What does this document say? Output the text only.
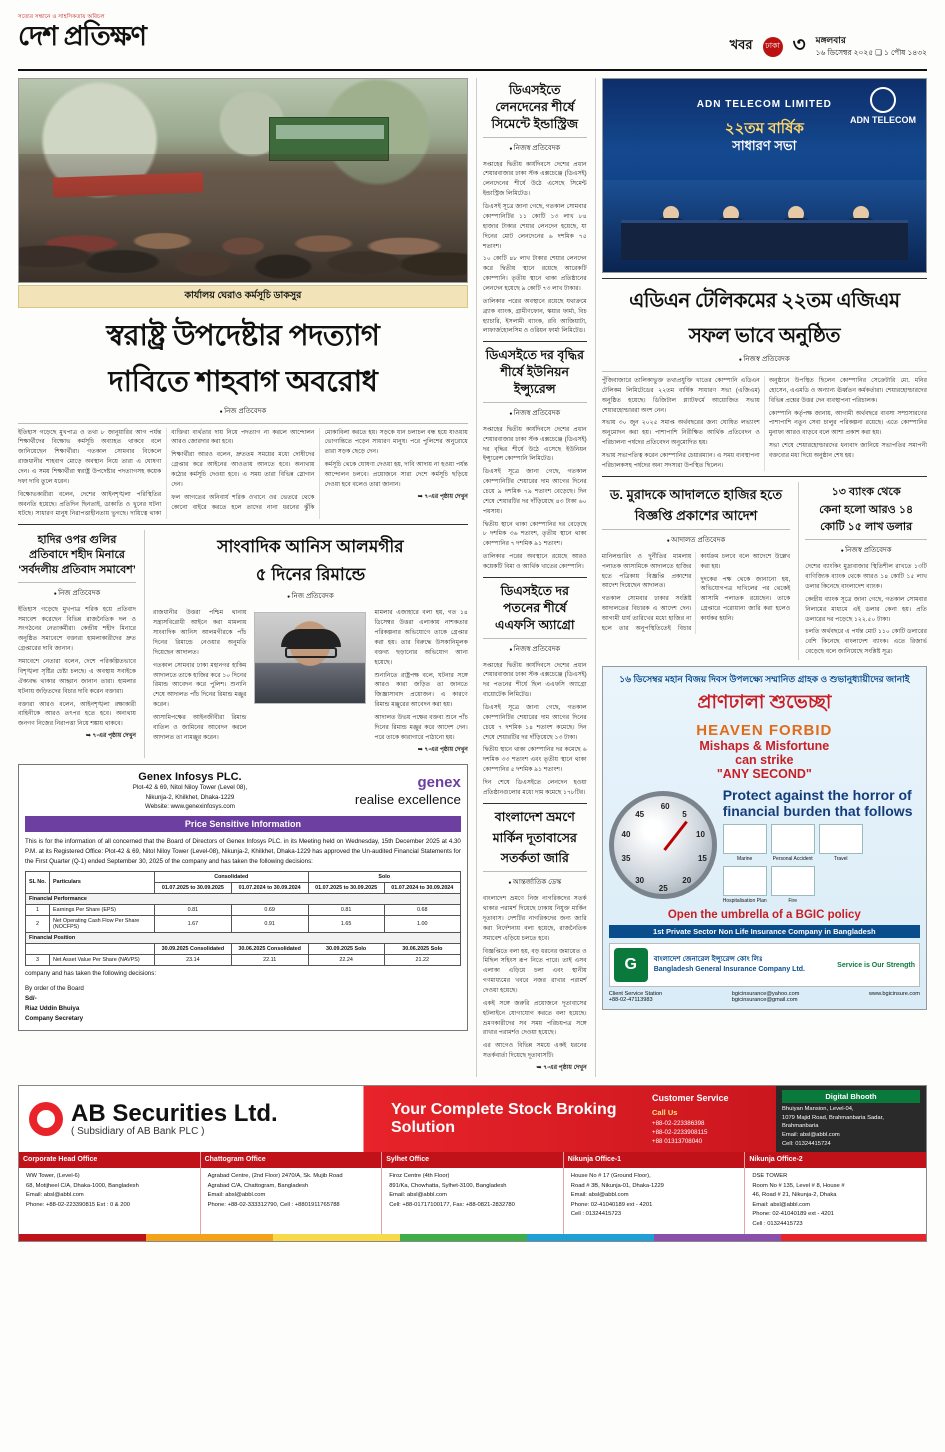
সত্যের সন্ধানে ও সাহসিকতায় অবিচল
দেশ প্রতিক্ষণ	খবর	ঢাকা ৩ মঙ্গলবার
১৬ ডিসেম্বর ২০২৫ ❑ ১ পৌষ ১৪৩২
কার্যালয় ঘেরাও কর্মসূচি ডাকসুর
স্বরাষ্ট্র উপদেষ্টার পদত্যাগ
দাবিতে শাহবাগ অবরোধ
● নিজ প্রতিবেদক

ইতিহাস গড়েছে মুখপাত্র ও তথা ৮ জানুয়ারির আগ পর্যন্ত শিক্ষার্থীদের বিক্ষোভ কর্মসূচি অব্যাহত থাকবে বলে জানিয়েছেন শিক্ষার্থীরা। গতকাল সোমবার বিকেলে রাজধানীর শাহবাগ মোড়ে অবস্থান নিয়ে তারা এ ঘোষণা দেন। এ সময় শিক্ষার্থীরা স্বরাষ্ট্র উপদেষ্টার পদত্যাগসহ কয়েক দফা দাবি তুলে ধরেন।

বিক্ষোভকারীরা বলেন, দেশের আইনশৃঙ্খলা পরিস্থিতির অবনতি হয়েছে। প্রতিদিন ছিনতাই, ডাকাতি ও খুনের ঘটনা ঘটছে। সাধারণ মানুষ নিরাপত্তাহীনতায় ভুগছে। দায়িত্বে থাকা ব্যক্তিরা ব্যর্থতার দায় নিয়ে পদত্যাগ না করলে আন্দোলন আরও জোরদার করা হবে।

শিক্ষার্থীরা আরও বলেন, দ্রুততম সময়ের মধ্যে দোষীদের গ্রেপ্তার করে আইনের আওতায় আনতে হবে। অন্যথায় কঠোর কর্মসূচি দেওয়া হবে। এ সময় তারা বিভিন্ন স্লোগান দেন।

ফল আগতের অনিবার্য শরিক ওখানে ওর ভেতরে থেকে কোনো বাইরে করতে হলে তাদের নানা ধরনের ঝুঁকি মোকাবিলা করতে হয়। সড়কে যান চলাচল বন্ধ হয়ে যাওয়ায় ভোগান্তিতে পড়েন সাধারণ মানুষ। পরে পুলিশের অনুরোধে তারা সড়ক ছেড়ে দেন।

কর্মসূচি থেকে ঘোষণা দেওয়া হয়, দাবি আদায় না হওয়া পর্যন্ত আন্দোলন চলবে। প্রয়োজনে সারা দেশে কর্মসূচি ছড়িয়ে দেওয়া হবে বলেও তারা জানান।

➥ ৭-এর পৃষ্ঠায় দেখুন

হাদির ওপর গুলির প্রতিবাদে শহীদ মিনারে ‘সর্বদলীয় প্রতিবাদ সমাবেশ’
● নিজ প্রতিবেদক

ইতিহাস গড়েছে মুখপাত্র শরিক হয়ে প্রতিবাদ সমাবেশ করেছেন বিভিন্ন রাজনৈতিক দল ও সংগঠনের নেতাকর্মীরা। কেন্দ্রীয় শহীদ মিনারে অনুষ্ঠিত সমাবেশে বক্তারা হামলাকারীদের দ্রুত গ্রেপ্তারের দাবি জানান।

সমাবেশে নেতারা বলেন, দেশে পরিকল্পিতভাবে বিশৃঙ্খলা সৃষ্টির চেষ্টা চলছে। এ অবস্থায় সবাইকে ঐক্যবদ্ধ থাকার আহ্বান জানান তারা। হামলার ঘটনায় জড়িতদের বিচার দাবি করেন বক্তারা।

বক্তারা আরও বলেন, আইনশৃঙ্খলা রক্ষাকারী বাহিনীকে আরও তৎপর হতে হবে। অন্যথায় জনগণ নিজের নিরাপত্তা নিয়ে শঙ্কায় থাকবে।

➥ ৭-এর পৃষ্ঠায় দেখুন

সাংবাদিক আনিস আলমগীর
৫ দিনের রিমান্ডে
● নিজ প্রতিবেদক

রাজধানীর উত্তরা পশ্চিম থানায় সন্ত্রাসবিরোধী আইনে করা মামলায় সাংবাদিক আনিস আলমগীরকে পাঁচ দিনের রিমান্ডে নেওয়ার অনুমতি দিয়েছেন আদালত।

গতকাল সোমবার ঢাকা মহানগর হাকিম আদালতে তাকে হাজির করে ১০ দিনের রিমান্ড আবেদন করে পুলিশ। শুনানি শেষে আদালত পাঁচ দিনের রিমান্ড মঞ্জুর করেন।

আসামিপক্ষের আইনজীবীরা রিমান্ড বাতিল ও জামিনের আবেদন করলে আদালত তা নামঞ্জুর করেন।

মামলার এজাহারে বলা হয়, গত ১৪ ডিসেম্বর উত্তরা এলাকায় নাশকতার পরিকল্পনার অভিযোগে তাকে গ্রেপ্তার করা হয়। তার বিরুদ্ধে উসকানিমূলক বক্তব্য ছড়ানোর অভিযোগ আনা হয়েছে।

শুনানিতে রাষ্ট্রপক্ষ বলে, ঘটনার সঙ্গে আরও কারা জড়িত তা জানতে জিজ্ঞাসাবাদ প্রয়োজন। এ কারণে রিমান্ড মঞ্জুরের আবেদন করা হয়।

আদালত উভয় পক্ষের বক্তব্য শুনে পাঁচ দিনের রিমান্ড মঞ্জুর করে আদেশ দেন। পরে তাকে কারাগারে পাঠানো হয়।

➥ ৭-এর পৃষ্ঠায় দেখুন

Genex Infosys PLC.
Plot-42 & 69, Nitol Niloy Tower (Level 08),
Nikunja-2, Khilkhet, Dhaka-1229
Website: www.genexinfosys.com
genex
realise excellence
Price Sensitive Information
This is for the information of all concerned that the Board of Directors of Genex Infosys PLC. in its Meeting held on Wednesday, 15th December 2025 at 4.30 P.M. at its Registered Office: Plot-42 & 69, Nitol Niloy Tower (Level-08), Nikunja-2, Khilkhet, Dhaka-1229 has approved the Un-audited Financial Statements for the First Quarter (Q-1) ended September 30, 2025 of the company and has taken the following decisions:
SL No.	Particulars	Consolidated		Solo	
		01.07.2025 to 30.09.2025	01.07.2024 to 30.09.2024	01.07.2025 to 30.09.2025	01.07.2024 to 30.09.2024
Financial Performance					
1	Earnings Per Share (EPS)	0.81	0.69	0.81	0.68
2	Net Operating Cash Flow Per Share (NOCFPS)	1.67	0.91	1.65	1.00
Financial Position					
		30.09.2025 Consolidated	30.06.2025 Consolidated	30.09.2025 Solo	30.06.2025 Solo
3	Net Asset Value Per Share (NAVPS)	23.14	22.11	22.24	21.22
company and has taken the following decisions:
By order of the Board
Sd/-
Riaz Uddin Bhuiya
Company Secretary
ডিএসইতে লেনদেনের শীর্ষে সিমেন্টে ইন্ডাস্ট্রিজ
● নিজস্ব প্রতিবেদক

সপ্তাহের দ্বিতীয় কার্যদিবসে দেশের প্রধান শেয়ারবাজার ঢাকা স্টক এক্সচেঞ্জে (ডিএসই) লেনদেনের শীর্ষে উঠে এসেছে সিমেন্ট ইন্ডাস্ট্রিজ লিমিটেড।

ডিএসই সূত্রে জানা গেছে, গতকাল সোমবার কোম্পানিটির ১১ কোটি ১৩ লাখ ৮৪ হাজার টাকার শেয়ার লেনদেন হয়েছে, যা দিনের মোট লেনদেনের ৬ দশমিক ৭৫ শতাংশ।

১০ কোটি ৪৮ লাখ টাকার শেয়ার লেনদেন করে দ্বিতীয় স্থানে রয়েছে আরেকটি কোম্পানি। তৃতীয় স্থানে থাকা প্রতিষ্ঠানের লেনদেন হয়েছে ৯ কোটি ৭৩ লাখ টাকার।

তালিকার পরের অবস্থানে রয়েছে যথাক্রমে ব্র্যাক ব্যাংক, গ্রামীণফোন, স্কয়ার ফার্মা, বিচ হ্যাচারি, ইসলামী ব্যাংক, রবি আজিয়াটা, লাফার্জহোলসিম ও ওরিয়ন ফার্মা লিমিটেড।

ডিএসইতে দর বৃদ্ধির শীর্ষে ইউনিয়ন ইন্স্যুরেন্স
● নিজস্ব প্রতিবেদক

সপ্তাহের দ্বিতীয় কার্যদিবসে দেশের প্রধান শেয়ারবাজার ঢাকা স্টক এক্সচেঞ্জে (ডিএসই) দর বৃদ্ধির শীর্ষে উঠে এসেছে ইউনিয়ন ইন্স্যুরেন্স কোম্পানি লিমিটেড।

ডিএসই সূত্রে জানা গেছে, গতকাল কোম্পানিটির শেয়ারের দাম আগের দিনের চেয়ে ৯ দশমিক ৭৯ শতাংশ বেড়েছে। দিন শেষে শেয়ারটির দর দাঁড়িয়েছে ৪৩ টাকা ৬০ পয়সায়।

দ্বিতীয় স্থানে থাকা কোম্পানির দর বেড়েছে ৮ দশমিক ৩৬ শতাংশ, তৃতীয় স্থানে থাকা কোম্পানির ৭ দশমিক ৯১ শতাংশ।

তালিকার পরের অবস্থানে রয়েছে আরও কয়েকটি বিমা ও আর্থিক খাতের কোম্পানি।

ডিএসইতে দর পতনের শীর্ষে এএফসি অ্যাগ্রো
● নিজস্ব প্রতিবেদক

সপ্তাহের দ্বিতীয় কার্যদিবসে দেশের প্রধান শেয়ারবাজার ঢাকা স্টক এক্সচেঞ্জে (ডিএসই) দর পতনের শীর্ষে ছিল এএফসি অ্যাগ্রো বায়োটেক লিমিটেড।

ডিএসই সূত্রে জানা গেছে, গতকাল কোম্পানিটির শেয়ারের দাম আগের দিনের চেয়ে ৭ দশমিক ১৪ শতাংশ কমেছে। দিন শেষে শেয়ারটির দর দাঁড়িয়েছে ১৩ টাকা।

দ্বিতীয় স্থানে থাকা কোম্পানির দর কমেছে ৬ দশমিক ৩৩ শতাংশ এবং তৃতীয় স্থানে থাকা কোম্পানির ৫ দশমিক ৯১ শতাংশ।

দিন শেষে ডিএসইতে লেনদেন হওয়া প্রতিষ্ঠানগুলোর মধ্যে দাম কমেছে ১৭৮টির।

বাংলাদেশ ভ্রমণে
মার্কিন দূতাবাসের
সতর্কতা জারি
● আন্তর্জাতিক ডেস্ক

বাংলাদেশ ভ্রমণে নিজ নাগরিকদের সতর্ক থাকার পরামর্শ দিয়েছে ঢাকায় নিযুক্ত মার্কিন দূতাবাস। দেশটির নাগরিকদের জন্য জারি করা নির্দেশনায় বলা হয়েছে, রাজনৈতিক সমাবেশ এড়িয়ে চলতে হবে।

বিজ্ঞপ্তিতে বলা হয়, বড় ধরনের জমায়েত ও মিছিল সহিংস রূপ নিতে পারে। তাই এসব এলাকা এড়িয়ে চলা এবং স্থানীয় গণমাধ্যমের খবরে নজর রাখার পরামর্শ দেওয়া হয়েছে।

একই সঙ্গে জরুরি প্রয়োজনে দূতাবাসের হটলাইনে যোগাযোগ করতে বলা হয়েছে। ভ্রমণকারীদের সব সময় পরিচয়পত্র সঙ্গে রাখার পরামর্শও দেওয়া হয়েছে।

এর আগেও বিভিন্ন সময়ে একই ধরনের সতর্কবার্তা দিয়েছে দূতাবাসটি।

➥ ৭-এর পৃষ্ঠায় দেখুন

ADN TELECOM
ADN TELECOM LIMITED
২২তম বার্ষিক
সাধারণ সভা
এডিএন টেলিকমের ২২তম এজিএম
সফল ভাবে অনুষ্ঠিত
● নিজস্ব প্রতিবেদক

পুঁজিবাজারে তালিকাভুক্ত তথ্যপ্রযুক্তি খাতের কোম্পানি এডিএন টেলিকম লিমিটেডের ২২তম বার্ষিক সাধারণ সভা (এজিএম) অনুষ্ঠিত হয়েছে। ডিজিটাল প্ল্যাটফর্মে আয়োজিত সভায় শেয়ারহোল্ডাররা অংশ নেন।

সভায় ৩০ জুন ২০২৫ সমাপ্ত অর্থবছরের জন্য ঘোষিত লভ্যাংশ অনুমোদন করা হয়। পাশাপাশি নিরীক্ষিত আর্থিক প্রতিবেদন ও পরিচালনা পর্ষদের প্রতিবেদন অনুমোদিত হয়।

সভায় সভাপতিত্ব করেন কোম্পানির চেয়ারম্যান। এ সময় ব্যবস্থাপনা পরিচালকসহ পর্ষদের অন্য সদস্যরা উপস্থিত ছিলেন।

অনুষ্ঠানে উপস্থিত ছিলেন কোম্পানির সেক্রেটারি মো. মনির হোসেন, এএমডি ও অন্যান্য ঊর্ধ্বতন কর্মকর্তারা। শেয়ারহোল্ডারদের বিভিন্ন প্রশ্নের উত্তর দেন ব্যবস্থাপনা পরিচালক।

কোম্পানি কর্তৃপক্ষ জানায়, আগামী অর্থবছরে ব্যবসা সম্প্রসারণের পাশাপাশি নতুন সেবা চালুর পরিকল্পনা রয়েছে। এতে কোম্পানির মুনাফা আরও বাড়বে বলে আশা প্রকাশ করা হয়।

সভা শেষে শেয়ারহোল্ডারদের ধন্যবাদ জানিয়ে সভাপতির সমাপনী বক্তব্যের মধ্য দিয়ে অনুষ্ঠান শেষ হয়।

ড. মুরাদকে আদালতে হাজির হতে
বিজ্ঞপ্তি প্রকাশের আদেশ
● আদালত প্রতিবেদক

মানিলন্ডারিং ও দুর্নীতির মামলায় পলাতক আসামিকে আদালতে হাজির হতে পত্রিকায় বিজ্ঞপ্তি প্রকাশের আদেশ দিয়েছেন আদালত।

গতকাল সোমবার ঢাকার সংশ্লিষ্ট আদালতের বিচারক এ আদেশ দেন। আগামী ধার্য তারিখের মধ্যে হাজির না হলে তার অনুপস্থিতিতেই বিচার কার্যক্রম চলবে বলে আদেশে উল্লেখ করা হয়।

দুদকের পক্ষ থেকে জানানো হয়, অভিযোগপত্র দাখিলের পর থেকেই আসামি পলাতক রয়েছেন। তাকে গ্রেপ্তারে পরোয়ানা জারি করা হলেও কার্যকর হয়নি।

১৩ ব্যাংক থেকে
কেনা হলো আরও ১৪
কোটি ১৫ লাখ ডলার
● নিজস্ব প্রতিবেদক

দেশের ব্যাংকিং মুদ্রাবাজার স্থিতিশীল রাখতে ১৩টি বাণিজ্যিক ব্যাংক থেকে আরও ১৪ কোটি ১৫ লাখ ডলার কিনেছে বাংলাদেশ ব্যাংক।

কেন্দ্রীয় ব্যাংক সূত্রে জানা গেছে, গতকাল সোমবার নিলামের মাধ্যমে এই ডলার কেনা হয়। প্রতি ডলারের দর পড়েছে ১২২.৫০ টাকা।

চলতি অর্থবছরে এ পর্যন্ত মোট ১১০ কোটি ডলারের বেশি কিনেছে বাংলাদেশ ব্যাংক। এতে রিজার্ভ বেড়েছে বলে জানিয়েছে সংশ্লিষ্ট সূত্র।

১৬ ডিসেম্বর মহান বিজয় দিবস উপলক্ষ্যে সম্মানিত গ্রাহক ও শুভানুধ্যায়ীদের জানাই
প্রাণঢালা শুভেচ্ছা
HEAVEN FORBID
Mishaps & Misfortune
can strike
"ANY SECOND"
60
5
10
15
20
25
30
35
40
45
Protect against the horror of financial burden that follows
Marine	Personal Accident	Travel
Hospitalisation Plan	Fire
Open the umbrella of a BGIC policy
1st Private Sector Non Life Insurance Company in Bangladesh
G	বাংলাদেশ জেনারেল ইন্স্যুরেন্স কোং লিঃ
Bangladesh General Insurance Company Ltd.
Service is Our Strength
Client Service Station
+88-02-47113983
bgicinsurance@yahoo.com
bgicinsurance@gmail.com
www.bgicinsure.com
AB Securities Ltd.
( Subsidiary of AB Bank PLC )
Your Complete Stock Broking Solution
Customer Service
Call Us
+88-02-223386398
+88-02-2233908115
+88 01313708040
Digital Bhooth
Bhuiyan Mansion, Level-04,
1079 Majid Road, Brahmanbaria Sadar,
Brahmanbaria
Email: absl@abbl.com
Cell: 01324415724
Corporate Head Office
WW Tower, (Level-6)
68, Motijheel C/A, Dhaka-1000, Bangladesh
Email: absl@abbl.com
Phone: +88-02-223390815 Ext : 0 & 200
Chattogram Office
Agrabad Centre, (2nd Floor) 2470/A, Sk. Mujib Road
Agrabad C/A, Chattogram, Bangladesh
Email: absl@abbl.com
Phone: +88-02-333312790, Cell : +8801911765788
Sylhet Office
Firoz Centre (4th Floor)
891/Ka, Chowhatta, Sylhet-3100, Bangladesh
Email: absl@abbl.com
Cell: +88-01717100177, Fax: +88-0821-2832780
Nikunja Office-1
House No # 17 (Ground Floor),
Road # 3B, Nikunja-01, Dhaka-1229
Email: absl@abbl.com
Phone: 02-41040189 ext - 4201
Cell : 01324415723
Nikunja Office-2
DSE TOWER
Room No # 135, Level # 8, House #
46, Road # 21, Nikunja-2, Dhaka
Email: absl@abbl.com
Phone: 02-41040189 ext - 4201
Cell : 01324415723
